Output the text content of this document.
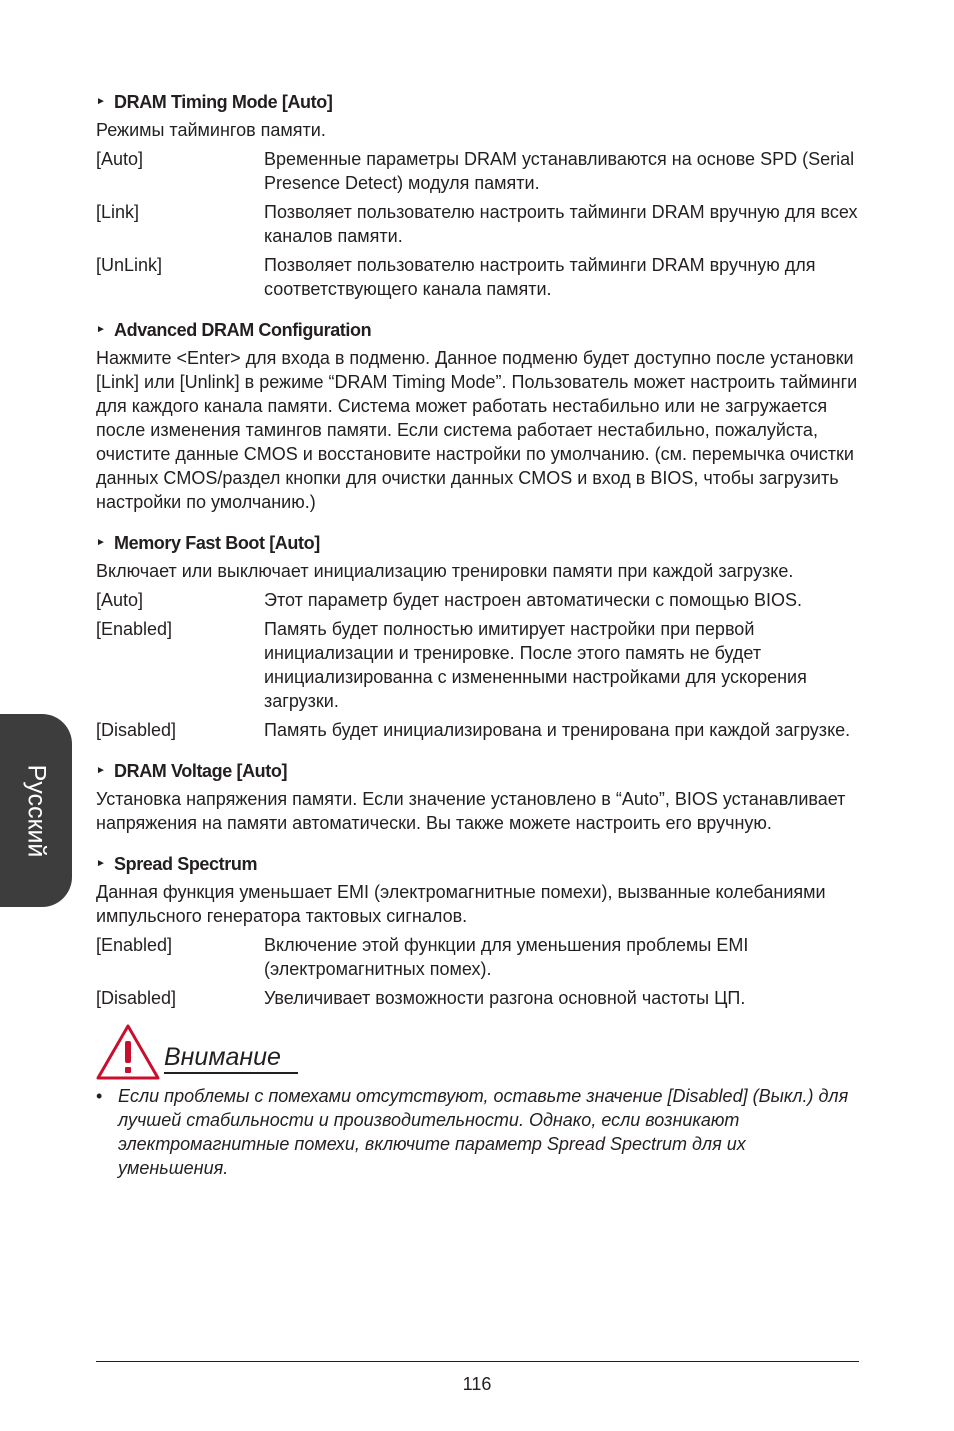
Русский
► DRAM Timing Mode [Auto]

Режимы таймингов памяти.

[Auto]	Временные параметры DRAM устанавливаются на основе SPD (Serial Presence Detect) модуля памяти.
[Link]	Позволяет пользователю настроить тайминги DRAM вручную для всех каналов памяти.
[UnLink]	Позволяет пользователю настроить тайминги DRAM вручную для соответствующего канала памяти.
► Advanced DRAM Configuration

Нажмите <Enter> для входа в подменю. Данное подменю будет доступно после установки [Link] или [Unlink] в режиме “DRAM Timing Mode”. Пользователь может настроить тайминги для каждого канала памяти. Система может работать нестабильно или не загружается после изменения тамингов памяти. Если система работает нестабильно, пожалуйста, очистите данные CMOS и восстановите настройки по умолчанию. (см. перемычка очистки данных CMOS/раздел кнопки для очистки данных CMOS и вход в BIOS, чтобы загрузить настройки по умолчанию.)

► Memory Fast Boot [Auto]

Включает или выключает инициализацию тренировки памяти при каждой загрузке.

[Auto]	Этот параметр будет настроен автоматически с помощью BIOS.
[Enabled]	Память будет полностью имитирует настройки при первой инициализации и тренировке. После этого память не будет инициализированна с измененными настройками для ускорения загрузки.
[Disabled]	Память будет инициализирована и тренирована при каждой загрузке.
► DRAM Voltage [Auto]

Установка напряжения памяти. Если значение установлено в “Auto”, BIOS устанавливает напряжения на памяти автоматически. Вы также можете настроить его вручную.

► Spread Spectrum

Данная функция уменьшает EMI (электромагнитные помехи), вызванные колебаниями импульсного генератора тактовых сигналов.

[Enabled]	Включение этой функции для уменьшения проблемы EMI (электромагнитных помех).
[Disabled]	Увеличивает возможности разгона основной частоты ЦП.
Внимание
• Если проблемы с помехами отсутствуют, оставьте значение [Disabled] (Выкл.) для лучшей стабильности и производительности. Однако, если возникают электромагнитные помехи, включите параметр Spread Spectrum для их уменьшения.
116
